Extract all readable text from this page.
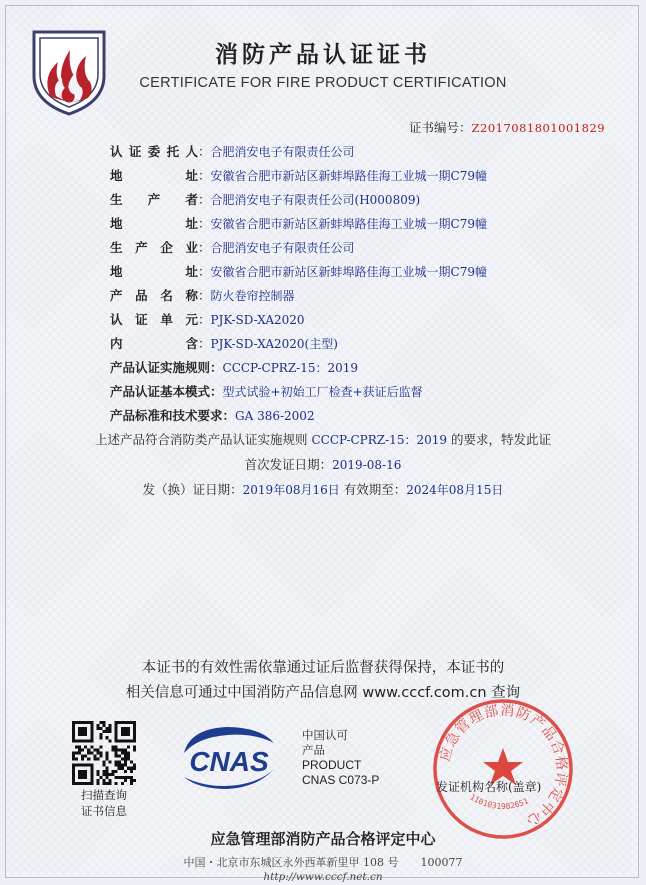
消防产品认证证书
CERTIFICATE FOR FIRE PRODUCT CERTIFICATION
证书编号：Z2017081801001829
认证委托人：合肥消安电子有限责任公司
地址：安徽省合肥市新站区新蚌埠路佳海工业城一期C79幢
生产者：合肥消安电子有限责任公司(H000809)
地址：安徽省合肥市新站区新蚌埠路佳海工业城一期C79幢
生产企业：合肥消安电子有限责任公司
地址：安徽省合肥市新站区新蚌埠路佳海工业城一期C79幢
产品名称：防火卷帘控制器
认证单元：PJK-SD-XA2020
内含：PJK-SD-XA2020(主型)
产品认证实施规则：CCCP-CPRZ-15：2019
产品认证基本模式：型式试验+初始工厂检查+获证后监督
产品标准和技术要求：GA 386-2002
上述产品符合消防类产品认证实施规则 CCCP-CPRZ-15：2019 的要求，特发此证
首次发证日期：2019-08-16
发（换）证日期：2019年08月16日 有效期至：2024年08月15日
本证书的有效性需依靠通过证后监督获得保持，本证书的
相关信息可通过中国消防产品信息网 www.cccf.com.cn 查询
扫描查询
证书信息
CNAS
中国认可
产品
PRODUCT
CNAS C073-P
应急管理部消防产品合格评定中心
1101031982651
发证机构名称(盖章)
应急管理部消防产品合格评定中心
中国・北京市东城区永外西革新里甲 108 号　　100077
http://www.cccf.net.cn
